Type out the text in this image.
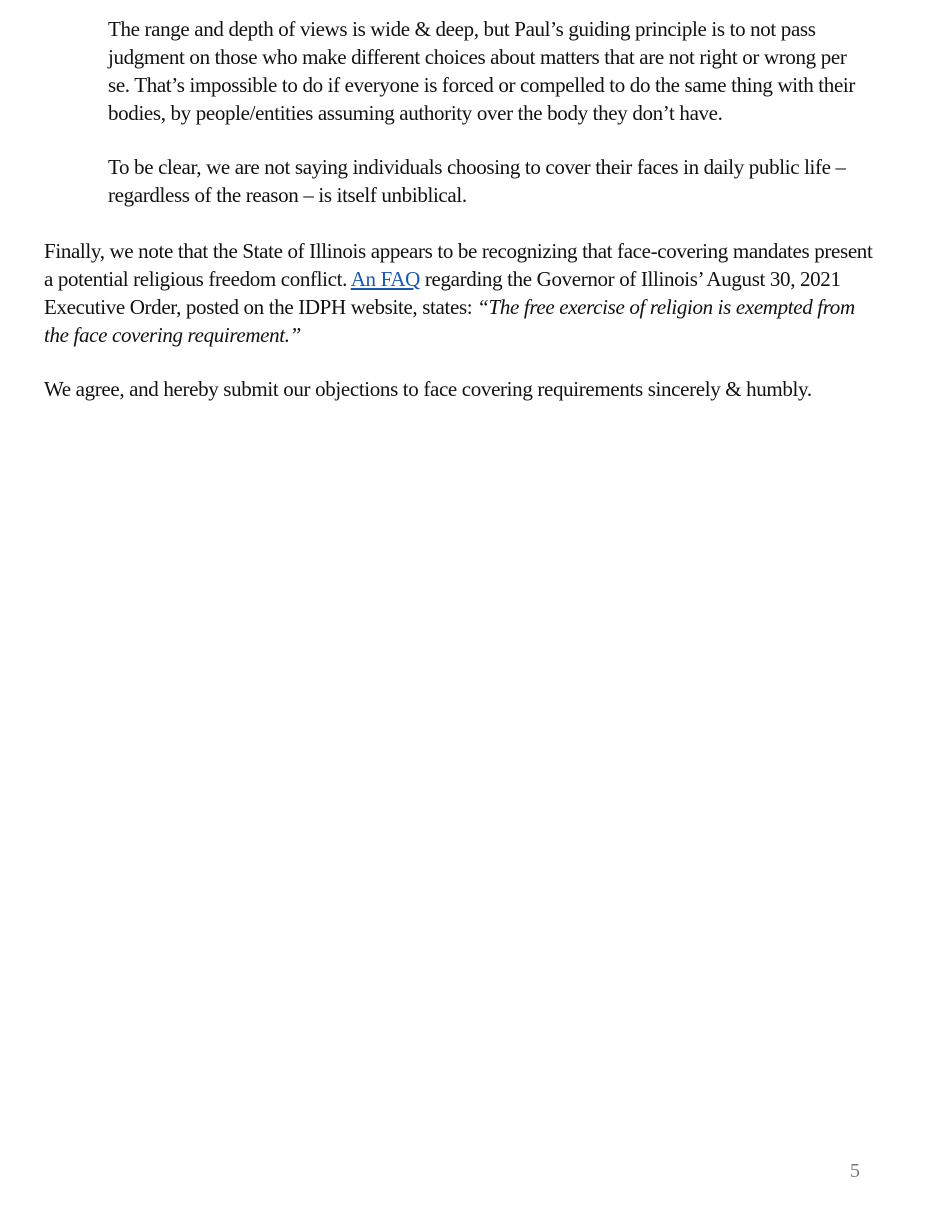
The range and depth of views is wide & deep, but Paul’s guiding principle is to not pass judgment on those who make different choices about matters that are not right or wrong per se. That’s impossible to do if everyone is forced or compelled to do the same thing with their bodies, by people/entities assuming authority over the body they don’t have.

To be clear, we are not saying individuals choosing to cover their faces in daily public life – regardless of the reason – is itself unbiblical.

Finally, we note that the State of Illinois appears to be recognizing that face-covering mandates present a potential religious freedom conflict. An FAQ regarding the Governor of Illinois’ August 30, 2021 Executive Order, posted on the IDPH website, states: “The free exercise of religion is exempted from the face covering requirement.”

We agree, and hereby submit our objections to face covering requirements sincerely & humbly.

5
